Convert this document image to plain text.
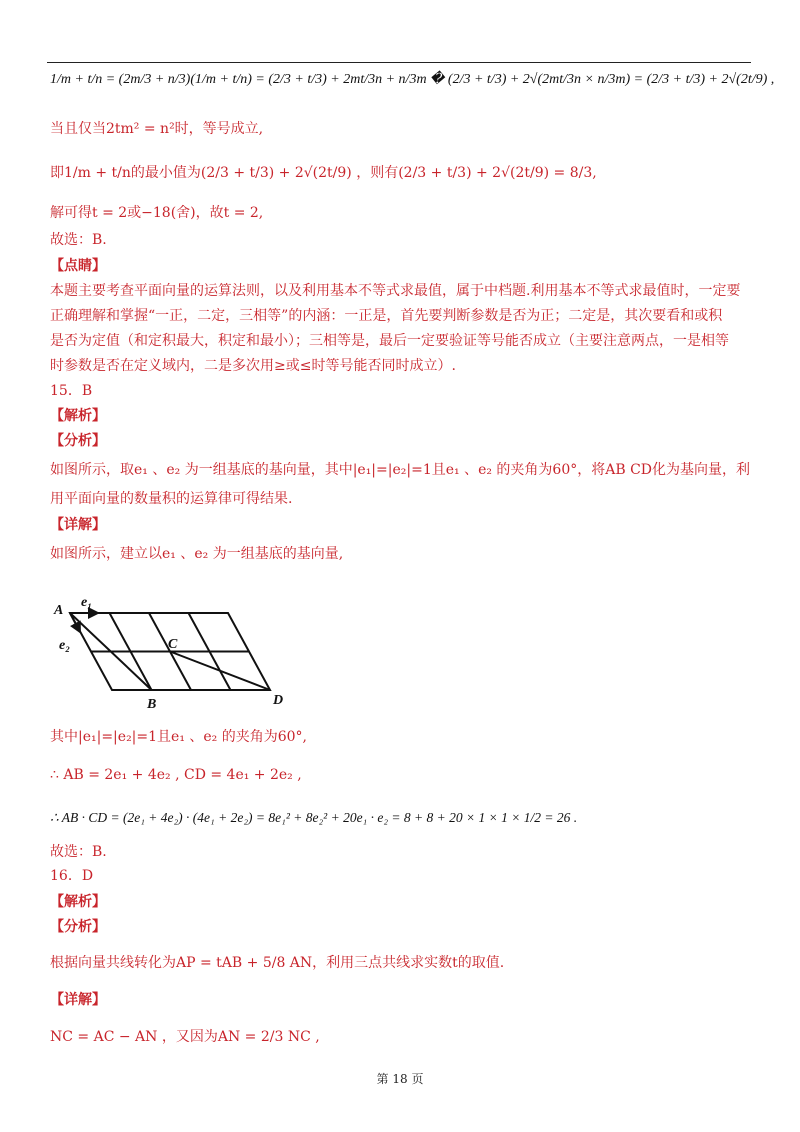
1/m + t/n = (2m/3 + n/3)(1/m + t/n) = (2/3 + t/3) + 2mt/3n + n/3m � (2/3 + t/3) + 2√(2mt/3n × n/3m) = (2/3 + t/3) + 2√(2t/9) ,
当且仅当2tm² = n²时，等号成立,
即1/m + t/n的最小值为(2/3 + t/3) + 2√(2t/9) ，则有(2/3 + t/3) + 2√(2t/9) = 8/3,
解可得t = 2或−18(舍)，故t = 2,
故选：B.
【点睛】
本题主要考查平面向量的运算法则，以及利用基本不等式求最值，属于中档题.利用基本不等式求最值时，一定要
正确理解和掌握“一正，二定，三相等”的内涵：一正是，首先要判断参数是否为正；二定是，其次要看和或积
是否为定值（和定积最大，积定和最小）；三相等是，最后一定要验证等号能否成立（主要注意两点，一是相等
时参数是否在定义域内，二是多次用≥或≤时等号能否同时成立）.
15．B
【解析】
【分析】
如图所示，取e₁ 、e₂ 为一组基底的基向量，其中|e₁|=|e₂|=1且e₁ 、e₂ 的夹角为60°，将AB CD化为基向量，利
用平面向量的数量积的运算律可得结果.
【详解】
如图所示，建立以e₁ 、e₂ 为一组基底的基向量,
A
e₁
e₂	C
B	D
其中|e₁|=|e₂|=1且e₁ 、e₂ 的夹角为60°,
∴ AB = 2e₁ + 4e₂ , CD = 4e₁ + 2e₂ ,
∴ AB · CD = (2e₁ + 4e₂) · (4e₁ + 2e₂) = 8e₁² + 8e₂² + 20e₁ · e₂ = 8 + 8 + 20 × 1 × 1 × 1/2 = 26 .
故选：B.
16．D
【解析】
【分析】
根据向量共线转化为AP = tAB + 5/8 AN，利用三点共线求实数t的取值.
【详解】
NC = AC − AN ，又因为AN = 2/3 NC ,
第 18 页
